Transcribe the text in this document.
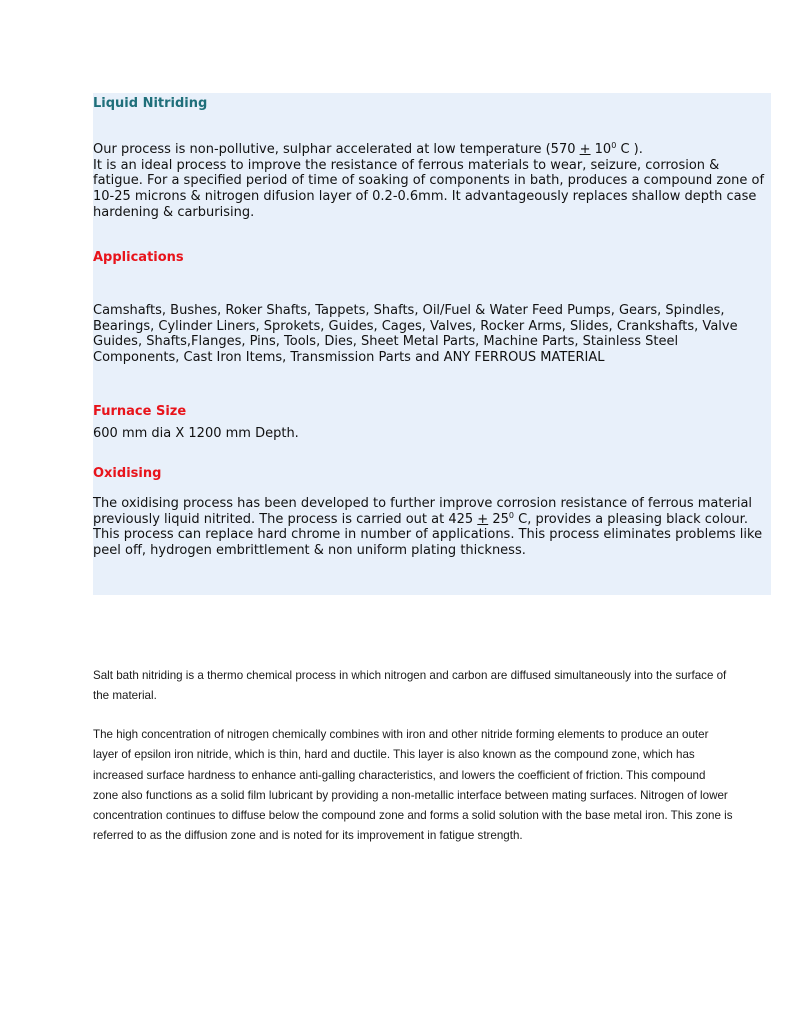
Liquid Nitriding
Our process is non-pollutive, sulphar accelerated at low temperature ($570 + 10^0$ C ).
It is an ideal process to improve the resistance of ferrous materials to wear, seizure, corrosion & fatigue. For a specified period of time of soaking of components in bath, produces a compound zone of 10-25 microns & nitrogen difusion layer of 0.2-0.6mm. It advantageously replaces shallow depth case hardening & carburising.
Applications

Camshafts, Bushes, Roker Shafts, Tappets, Shafts, Oil/Fuel & Water Feed Pumps, Gears, Spindles, Bearings, Cylinder Liners, Sprokets, Guides, Cages, Valves, Rocker Arms, Slides, Crankshafts, Valve Guides, Shafts,Flanges, Pins, Tools, Dies, Sheet Metal Parts, Machine Parts, Stainless Steel Components, Cast Iron Items, Transmission Parts and ANY FERROUS MATERIAL

Furnace Size

600 mm dia X 1200 mm Depth.

Oxidising

The oxidising process has been developed to further improve corrosion resistance of ferrous material previously liquid nitrited. The process is carried out at $425 + 25^0$ C, provides a pleasing black colour. This process can replace hard chrome in number of applications. This process eliminates problems like peel off, hydrogen embrittlement & non uniform plating thickness.

Salt bath nitriding is a thermo chemical process in which nitrogen and carbon are diffused simultaneously into the surface of the material.

The high concentration of nitrogen chemically combines with iron and other nitride forming elements to produce an outer layer of epsilon iron nitride, which is thin, hard and ductile. This layer is also known as the compound zone, which has increased surface hardness to enhance anti-galling characteristics, and lowers the coefficient of friction. This compound zone also functions as a solid film lubricant by providing a non-metallic interface between mating surfaces. Nitrogen of lower concentration continues to diffuse below the compound zone and forms a solid solution with the base metal iron. This zone is referred to as the diffusion zone and is noted for its improvement in fatigue strength.
